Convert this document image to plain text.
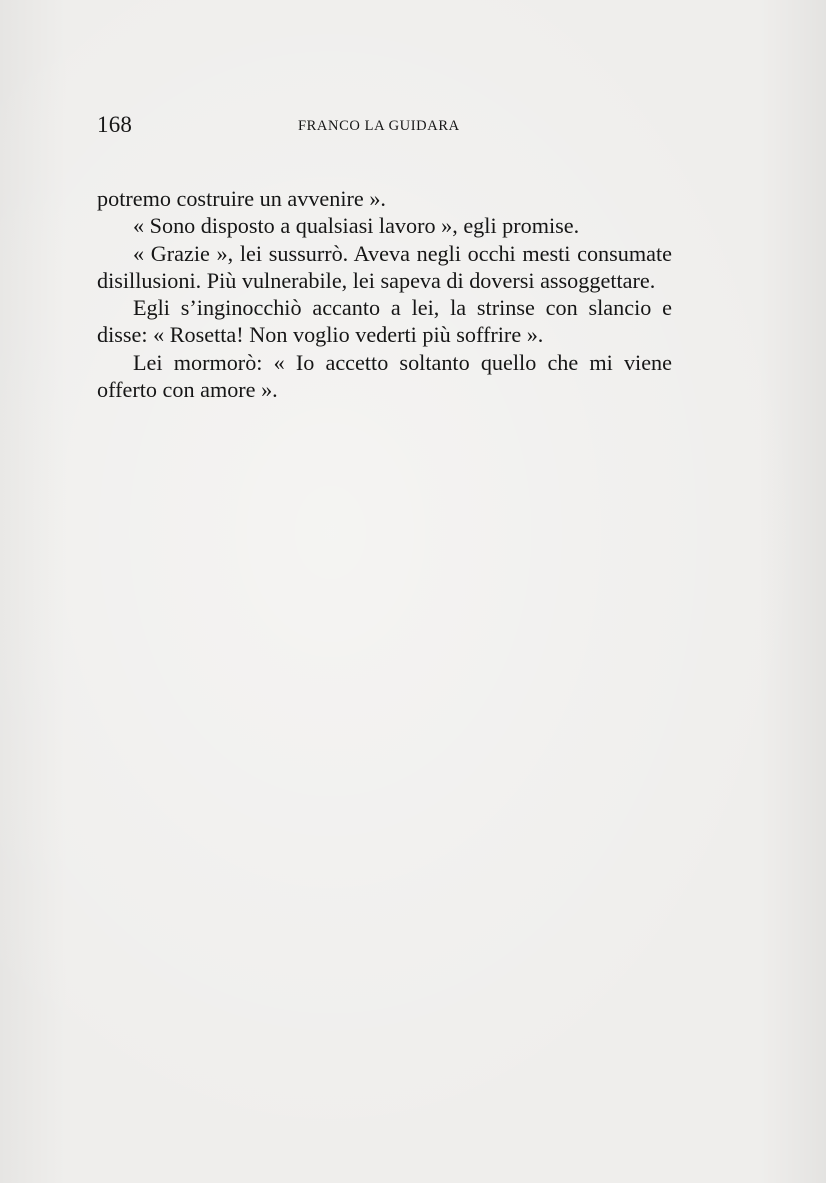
168	FRANCO LA GUIDARA

potremo costruire un avvenire ».

« Sono disposto a qualsiasi lavoro », egli promise.

« Grazie », lei sussurrò. Aveva negli occhi mesti consumate disillusioni. Più vulnerabile, lei sapeva di doversi assoggettare.

Egli s’inginocchiò accanto a lei, la strinse con slancio e disse: « Rosetta! Non voglio vederti più soffrire ».

Lei mormorò: « Io accetto soltanto quello che mi viene offerto con amore ».
